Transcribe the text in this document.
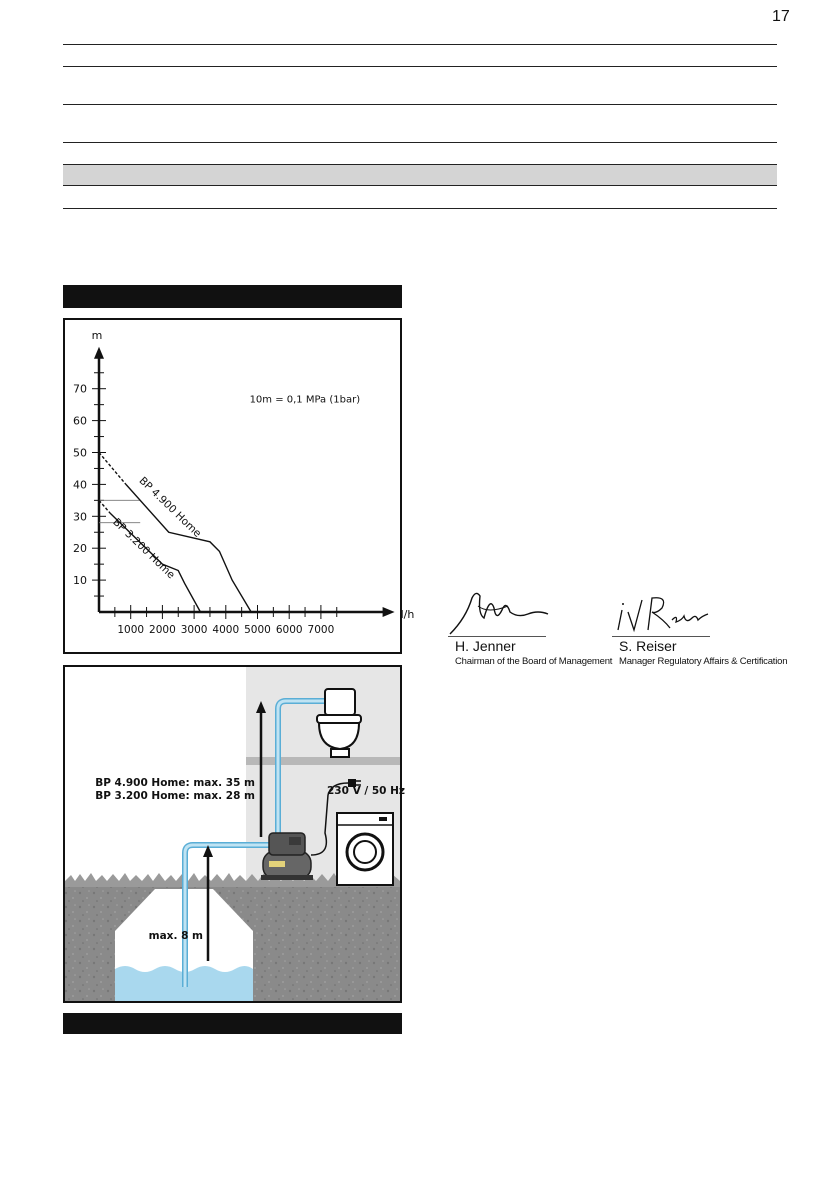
17
10
20
30
40
50
60
70
1000 2000 3000 4000 5000 6000 7000
m
l/h
10m = 0,1 MPa (1bar)
BP 4.900 Home
BP 3.200 Home
BP 4.900 Home: max. 35 m
BP 3.200 Home: max. 28 m	230 V / 50 Hz
max. 8 m
H. Jenner
Chairman of the Board of Management
S. Reiser
Manager Regulatory Affairs & Certification
